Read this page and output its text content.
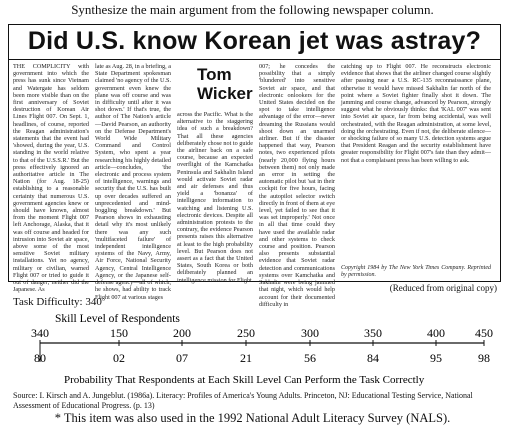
Synthesize the main argument from the following newspaper column.
Did U.S. know Korean jet was astray?
THE COMPLICITY with government into which the press has sunk since Vietnam and Watergate has seldom been more visible than on the first anniversary of Soviet destruction of Korean Air Lines Flight 007. On Sept. 1, headlines, of course, reported the Reagan administration's statements that the event had 'showed, during the year, U.S. standing in the world relative to that of the U.S.S.R.' But the press effectively ignored an authoritative article in The Nation (for Aug. 18-25) establishing to a reasonable certainty that numerous U.S. government agencies knew or should have known, almost from the moment Flight 007 left Anchorage, Alaska, that it was off course and headed for intrusion into Soviet air space, above some of the most sensitive Soviet military installations. Yet no agency, military or civilian, warned Flight 007 or tried to guide it out of danger; neither did the Japanese. As
late as Aug. 28, in a briefing, a State Department spokesman claimed 'no agency of the U.S. government even knew the plane was off course and was in difficulty until after it was shot down.' If that's true, the author of The Nation's article—David Pearson, an authority on the Defense Department's World Wide Military Command and Control System, who spent a year researching his highly detailed article—concludes, 'the electronic and process system of intelligence, warnings and security that the U.S. has built up over decades suffered an unprecedented and mind-boggling breakdown.' But Pearson shows in exhausting detail why it's most unlikely there was any such 'multifaceted failure' of independent intelligence systems of the Navy, Army, Air Force, National Security Agency, Central Intelligence Agency, or the Japanese self-defense agency—all of which, he shows, had ability to track Flight 007 at various stages
across the Pacific. What is the alternative to the staggering idea of such a breakdown? That all these agencies deliberately chose not to guide the airliner back on a safe course, because an expected overflight of the Kamchatka Peninsula and Sakhalin Island would activate Soviet radar and air defenses and thus yield a 'bonanza' of intelligence information to watching and listening U.S. electronic devices. Despite all administration protests to the contrary, the evidence Pearson presents raises this alternative at least to the high probability level. But Pearson does not assert as a fact that the United States, South Korea or both deliberately planned an intelligence mission for Flight
Tom Wicker
007; he concedes the possibility that a simply 'blundered' into sensitive Soviet air space, and that electronic onlookers for the United States decided on the spot to take intelligence advantage of the error—never dreaming the Russians would shoot down an unarmed airliner. But if the disaster happened that way, Pearson notes, two experienced pilots (nearly 20,000 flying hours between them) not only made an error in setting the automatic pilot but 'sat in their cockpit for five hours, facing the autopilot selector switch directly in front of them at eye level, yet failed to see that it was set improperly.' Not once in all that time could they have used the available radar and other systems to check course and position. Pearson also presents substantial evidence that Soviet radar detection and communications systems over Kamchatka and Sakhalin were being jammed that night, which would help account for their documented difficulty in
catching up to Flight 007. He reconstructs electronic evidence that shows that the airliner changed course slightly after passing near a U.S. RC-135 reconnaissance plane, otherwise it would have missed Sakhalin far north of the point where a Soviet fighter finally shot it down. The jamming and course change, advanced by Pearson, strongly suggest what he obviously thinks: that 'KAL 007' was sent into Soviet air space, far from being accidental, was well orchestrated, with the Reagan administration, at some level, doing the orchestrating. Even if not, the deliberate silence—or shocking failure of so many U.S. detection systems argue that President Reagan and the security establishment have greater responsibility for Flight 007's fate than they admit—not that a complaisant press has been willing to ask.
Copyright 1984 by The New York Times Company. Reprinted by permission.
(Reduced from original copy)
Task Difficulty: 340
Skill Level of Respondents
340	150	200	250	300	350	400	450
80	02	07	21	56	84	95	98
Probability That Respondents at Each Skill Level Can Perform the Task Correctly
Source: I. Kirsch and A. Jungeblut. (1986a). Literacy: Profiles of America's Young Adults. Princeton, NJ: Educational Testing Service, National Assessment of Educational Progress. (p. 13)
* This item was also used in the 1992 National Adult Literacy Survey (NALS).
